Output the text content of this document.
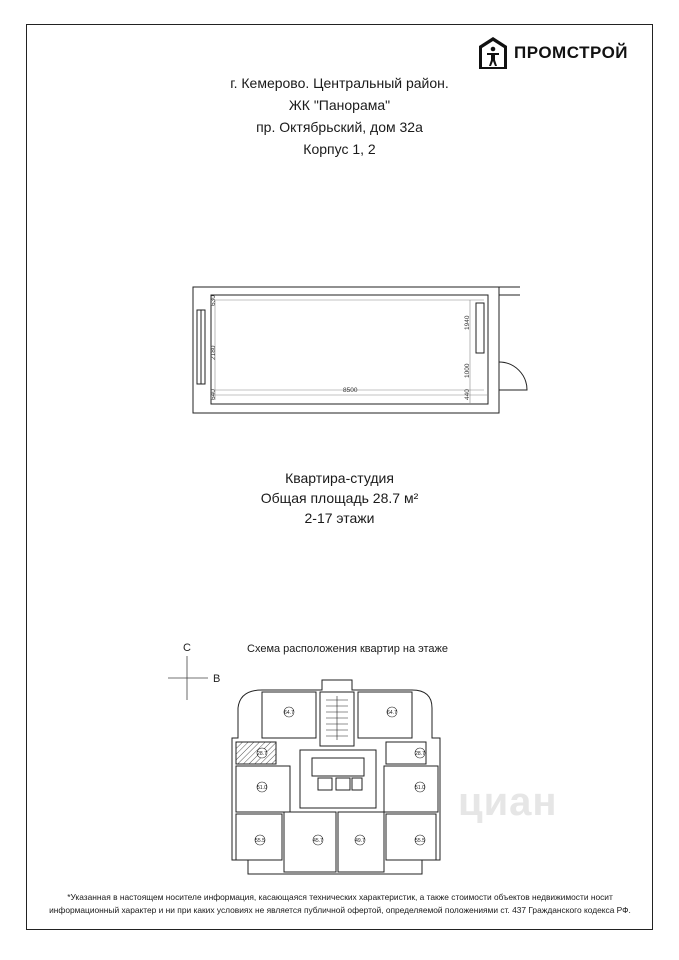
ПРОМСТРОЙ
г. Кемерово. Центральный район.
ЖК "Панорама"
пр. Октябрьский, дом 32а
Корпус 1, 2
630
2180
640	8500
1940
1000
440
Квартира-студия
Общая площадь 28.7 м²
2-17 этажи
Схема расположения квартир на этаже
С
В
циан
64.7	64.7
28.7	28.7
51.0	51.0
55.5	45.7	49.7	55.5
*Указанная в настоящем носителе информация, касающаяся технических характеристик, а также стоимости объектов недвижимости носит
информационный характер и ни при каких условиях не является публичной офертой, определяемой положениями ст. 437 Гражданского кодекса РФ.
